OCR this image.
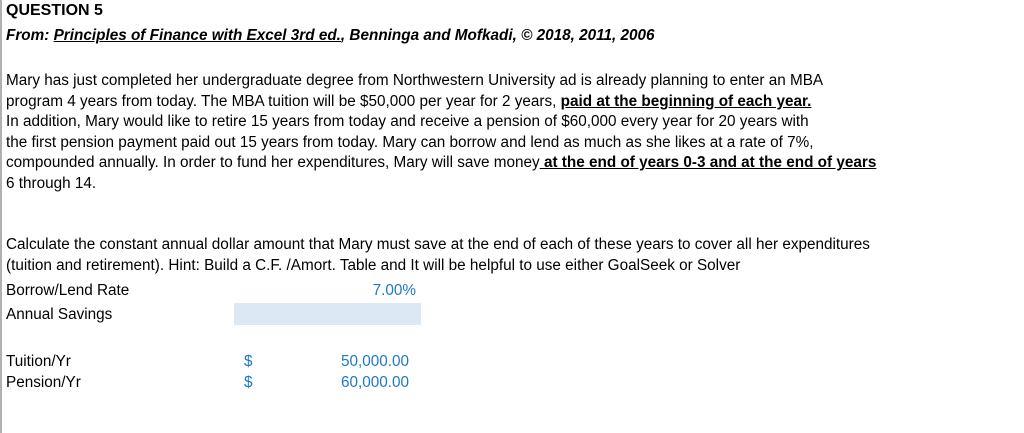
QUESTION 5
From: Principles of Finance with Excel 3rd ed., Benninga and Mofkadi, © 2018, 2011, 2006
Mary has just completed her undergraduate degree from Northwestern University ad is already planning to enter an MBA
program 4 years from today. The MBA tuition will be $50,000 per year for 2 years, paid at the beginning of each year.
In addition, Mary would like to retire 15 years from today and receive a pension of $60,000 every year for 20 years with
the first pension payment paid out 15 years from today. Mary can borrow and lend as much as she likes at a rate of 7%,
compounded annually. In order to fund her expenditures, Mary will save money at the end of years 0-3 and at the end of years
6 through 14.
Calculate the constant annual dollar amount that Mary must save at the end of each of these years to cover all her expenditures
(tuition and retirement). Hint: Build a C.F. /Amort. Table and It will be helpful to use either GoalSeek or Solver
Borrow/Lend Rate	7.00%
Annual Savings
Tuition/Yr	$	50,000.00
Pension/Yr	$	60,000.00
